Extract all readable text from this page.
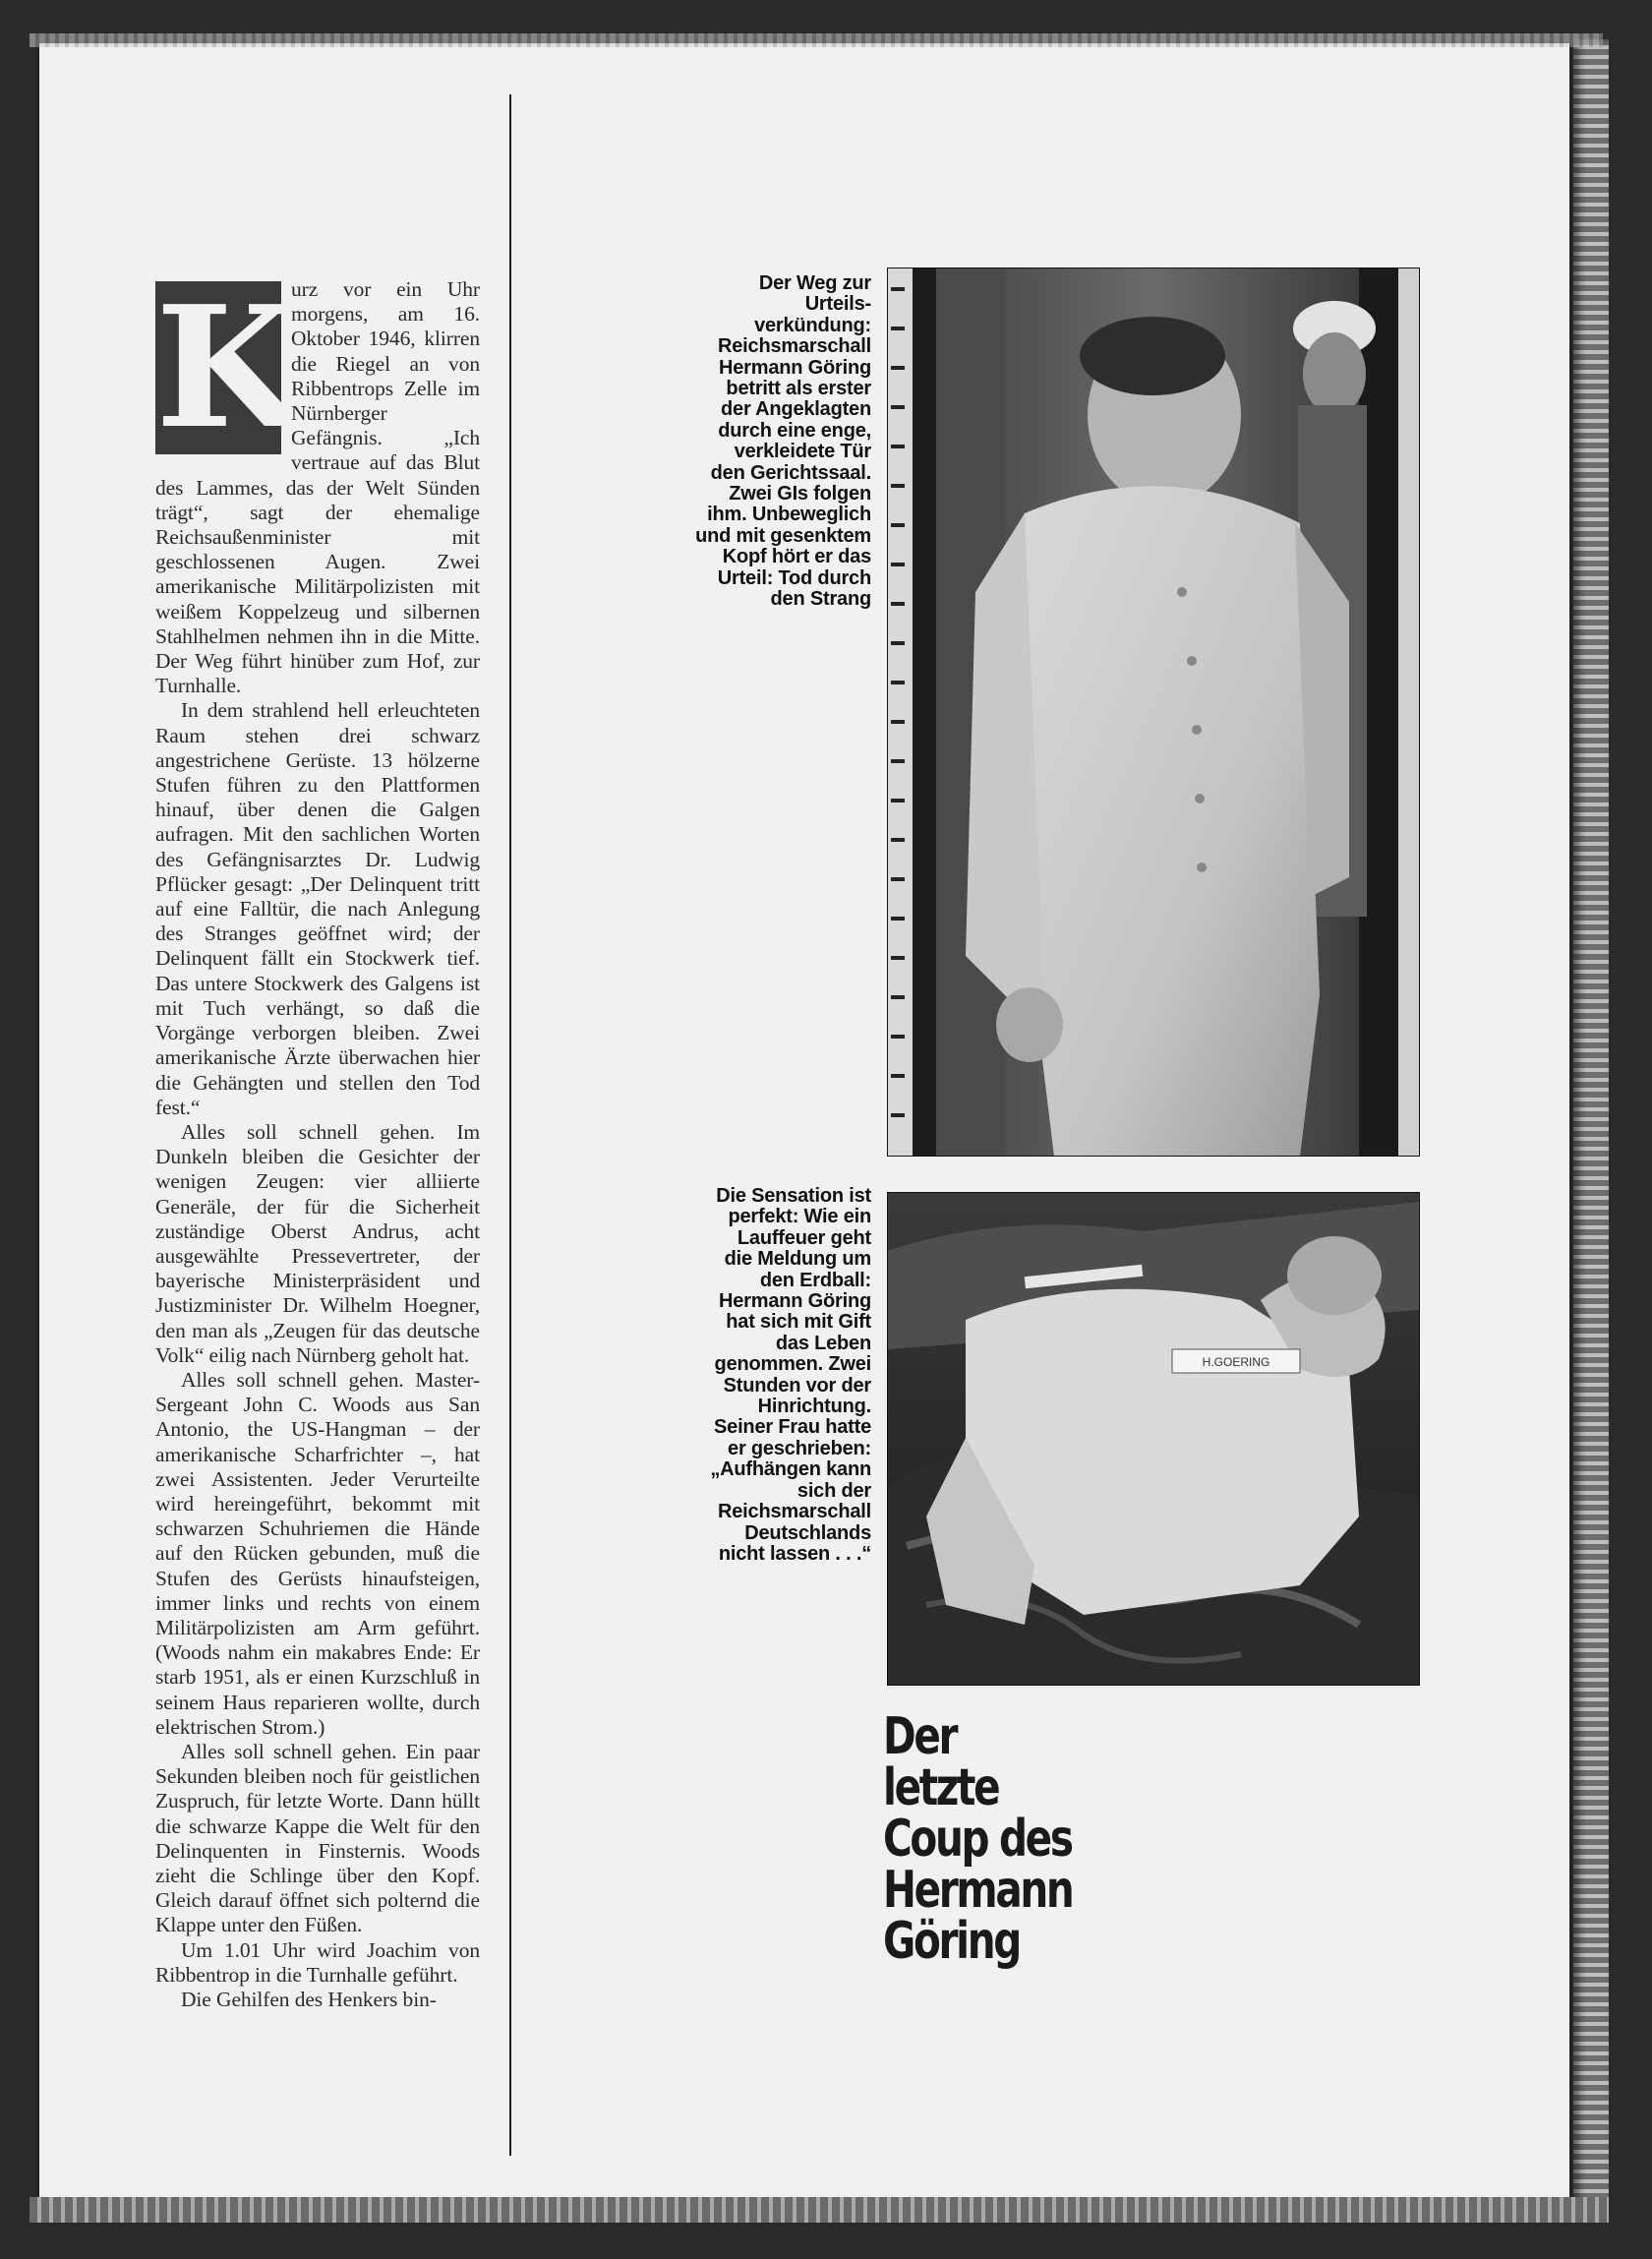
K
urz vor ein Uhr morgens, am 16. Oktober 1946, klirren die Riegel an von Ribbentrops Zelle im Nürnberger Gefängnis. „Ich vertraue auf das Blut des Lammes, das der Welt Sünden trägt“, sagt der ehemalige Reichsaußenminister mit geschlossenen Augen. Zwei amerikanische Militärpolizisten mit weißem Koppelzeug und silbernen Stahlhelmen nehmen ihn in die Mitte. Der Weg führt hinüber zum Hof, zur Turnhalle.

In dem strahlend hell erleuchteten Raum stehen drei schwarz angestrichene Gerüste. 13 hölzerne Stufen führen zu den Plattformen hinauf, über denen die Galgen aufragen. Mit den sachlichen Worten des Gefängnisarztes Dr. Ludwig Pflücker gesagt: „Der Delinquent tritt auf eine Falltür, die nach Anlegung des Stranges geöffnet wird; der Delinquent fällt ein Stockwerk tief. Das untere Stockwerk des Galgens ist mit Tuch verhängt, so daß die Vorgänge verborgen bleiben. Zwei amerikanische Ärzte überwachen hier die Gehängten und stellen den Tod fest.“

Alles soll schnell gehen. Im Dunkeln bleiben die Gesichter der wenigen Zeugen: vier alliierte Generäle, der für die Sicherheit zuständige Oberst Andrus, acht ausgewählte Pressevertreter, der bayerische Ministerpräsident und Justizminister Dr. Wilhelm Hoegner, den man als „Zeugen für das deutsche Volk“ eilig nach Nürnberg geholt hat.

Alles soll schnell gehen. Master-Sergeant John C. Woods aus San Antonio, the US-Hangman – der amerikanische Scharfrichter –, hat zwei Assistenten. Jeder Verurteilte wird hereingeführt, bekommt mit schwarzen Schuhriemen die Hände auf den Rücken gebunden, muß die Stufen des Gerüsts hinaufsteigen, immer links und rechts von einem Militärpolizisten am Arm geführt. (Woods nahm ein makabres Ende: Er starb 1951, als er einen Kurzschluß in seinem Haus reparieren wollte, durch elektrischen Strom.)

Alles soll schnell gehen. Ein paar Sekunden bleiben noch für geistlichen Zuspruch, für letzte Worte. Dann hüllt die schwarze Kappe die Welt für den Delinquenten in Finsternis. Woods zieht die Schlinge über den Kopf. Gleich darauf öffnet sich polternd die Klappe unter den Füßen.

Um 1.01 Uhr wird Joachim von Ribbentrop in die Turnhalle geführt.

Die Gehilfen des Henkers bin-

Der Weg zur
Urteils-
verkündung:
Reichsmarschall
Hermann Göring
betritt als erster
der Angeklagten
durch eine enge,
verkleidete Tür
den Gerichtssaal.
Zwei GIs folgen
ihm. Unbeweglich
und mit gesenktem
Kopf hört er das
Urteil: Tod durch
den Strang
Die Sensation ist
perfekt: Wie ein
Lauffeuer geht
die Meldung um
den Erdball:
Hermann Göring
hat sich mit Gift
das Leben
genommen. Zwei
Stunden vor der
Hinrichtung.
Seiner Frau hatte
er geschrieben:
„Aufhängen kann
sich der
Reichsmarschall
Deutschlands
nicht lassen . . .“
H.GOERING
Der letzte
Coup des
Hermann
Göring
